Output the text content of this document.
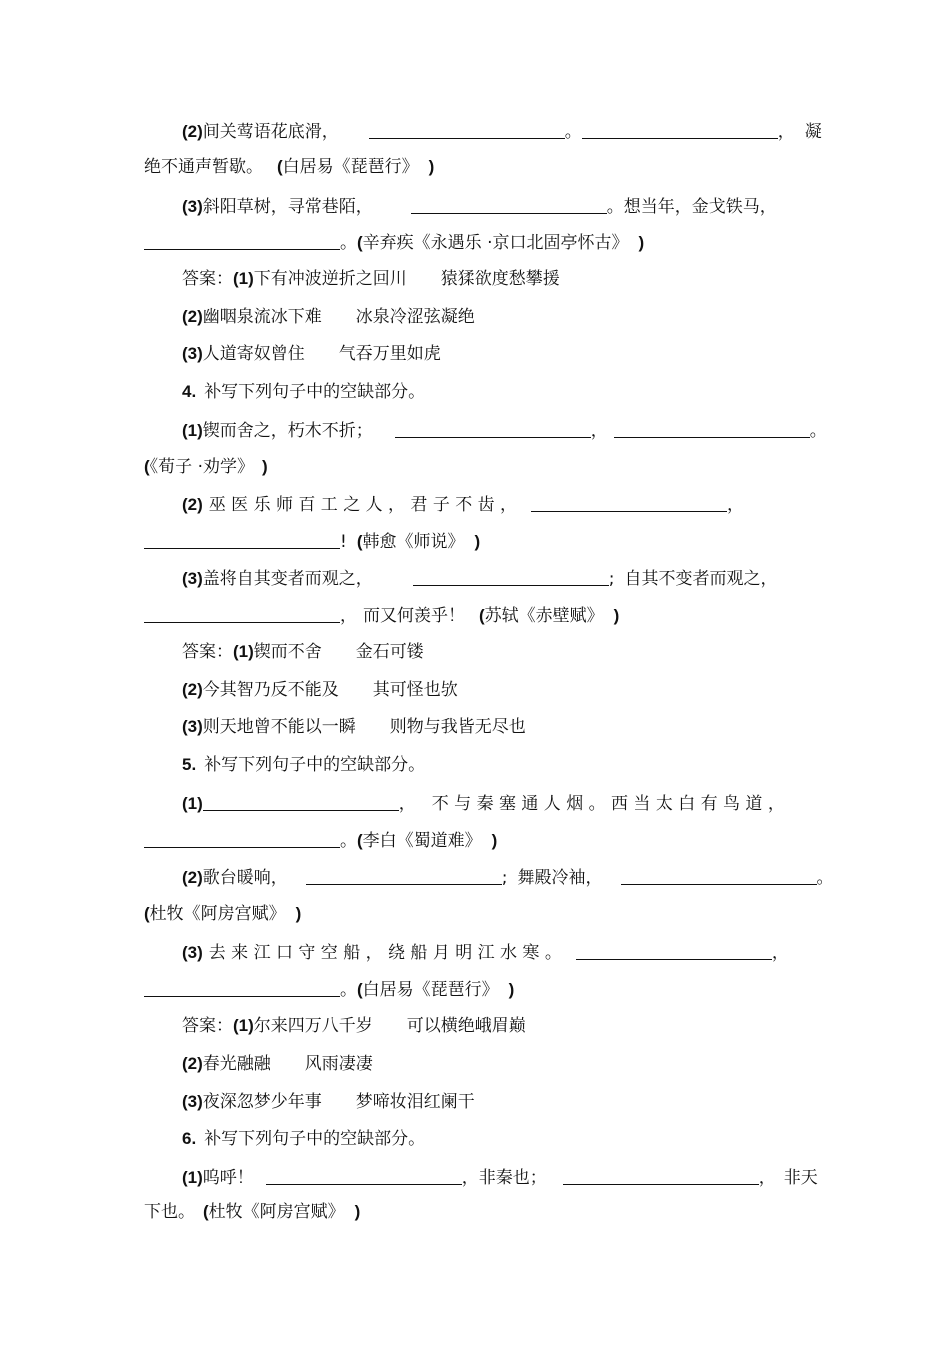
(2)间关莺语花底滑，	。	， 凝
绝不通声暂歇。 (白居易《琵琶行》 )
(3)斜阳草树，寻常巷陌，	。想当年，金戈铁马，
。(辛弃疾《永遇乐 ·京口北固亭怀古》 )
答案：(1)下有冲波逆折之回川　　猿猱欲度愁攀援
(2)幽咽泉流冰下难　　冰泉冷涩弦凝绝
(3)人道寄奴曾住　　气吞万里如虎
4. 补写下列句子中的空缺部分。
(1)锲而舍之，朽木不折；	，	。
(《荀子 ·劝学》 )
(2) 巫 医 乐 师 百 工 之 人 ， 君 子 不 齿 ，	，
! (韩愈《师说》 )
(3)盖将自其变者而观之，	; 自其不变者而观之，
， 而又何羡乎！ (苏轼《赤壁赋》 )
答案：(1)锲而不舍　　金石可镂
(2)今其智乃反不能及　　其可怪也欤
(3)则天地曾不能以一瞬　　则物与我皆无尽也
5. 补写下列句子中的空缺部分。
(1)	， 不 与 秦 塞 通 人 烟 。 西 当 太 白 有 鸟 道 ，
。(李白《蜀道难》 )
(2)歌台暖响，	; 舞殿冷袖，	。
(杜牧《阿房宫赋》 )
(3) 去 来 江 口 守 空 船 ， 绕 船 月 明 江 水 寒 。	，
。(白居易《琵琶行》 )
答案：(1)尔来四万八千岁　　可以横绝峨眉巅
(2)春光融融　　风雨凄凄
(3)夜深忽梦少年事　　梦啼妆泪红阑干
6. 补写下列句子中的空缺部分。
(1)呜呼！	，非秦也；	， 非天
下也。 (杜牧《阿房宫赋》 )
